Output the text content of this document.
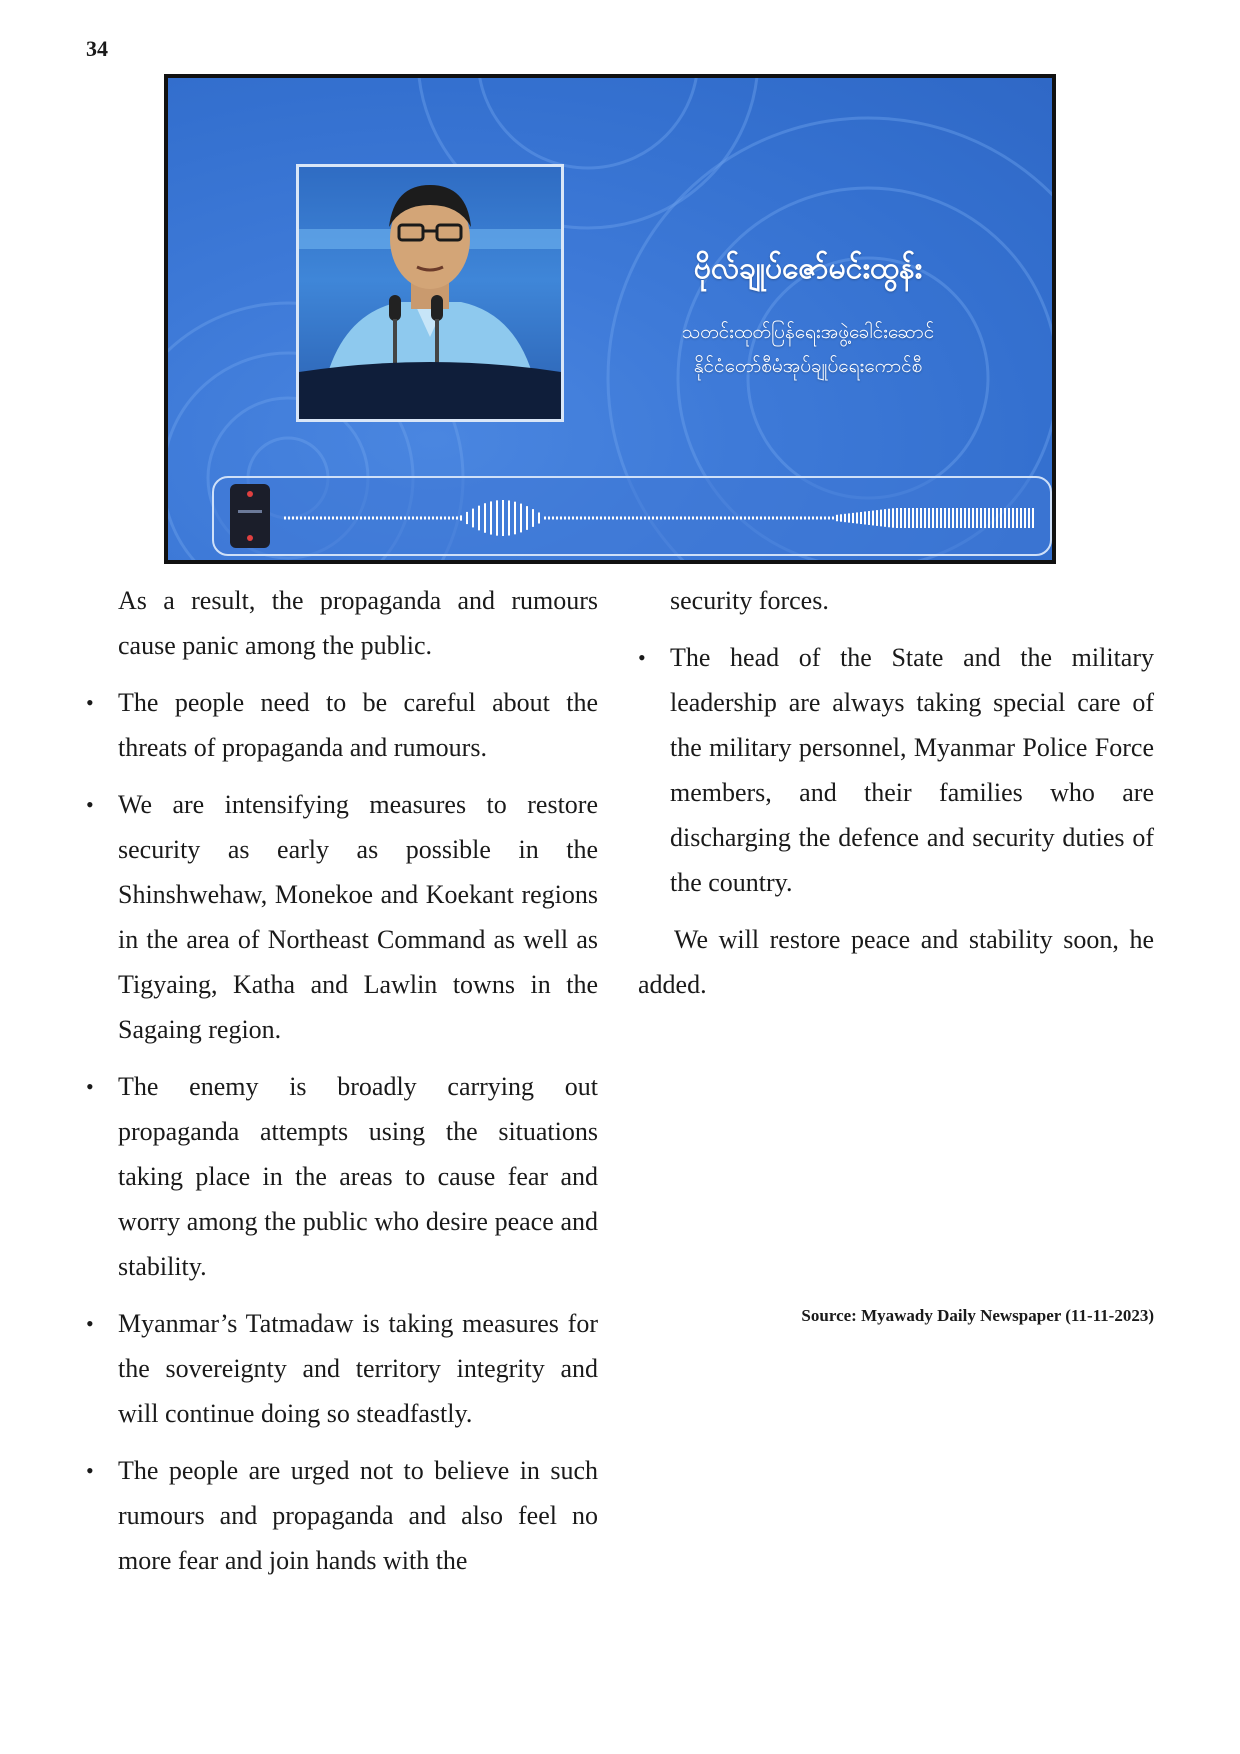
34
ဗိုလ်ချုပ်ဇော်မင်းထွန်း
သတင်းထုတ်ပြန်ရေးအဖွဲ့ခေါင်းဆောင်
နိုင်ငံတော်စီမံအုပ်ချုပ်ရေးကောင်စီ

As a result, the propaganda and rumours cause panic among the public.

• The people need to be careful about the threats of propaganda and rumours.
• We are intensifying measures to restore security as early as possible in the Shinshwehaw, Monekoe and Koekant regions in the area of Northeast Command as well as Tigyaing, Katha and Lawlin towns in the Sagaing region.
• The enemy is broadly carrying out propaganda attempts using the situations taking place in the areas to cause fear and worry among the public who desire peace and stability.
• Myanmar’s Tatmadaw is taking measures for the sovereignty and territory integrity and will continue doing so steadfastly.
• The people are urged not to believe in such rumours and propaganda and also feel no more fear and join hands with the

security forces.

• The head of the State and the military leadership are always taking special care of the military personnel, Myanmar Police Force members, and their families who are discharging the defence and security duties of the country.

We will restore peace and stability soon, he added.

Source: Myawady Daily Newspaper (11-11-2023)
